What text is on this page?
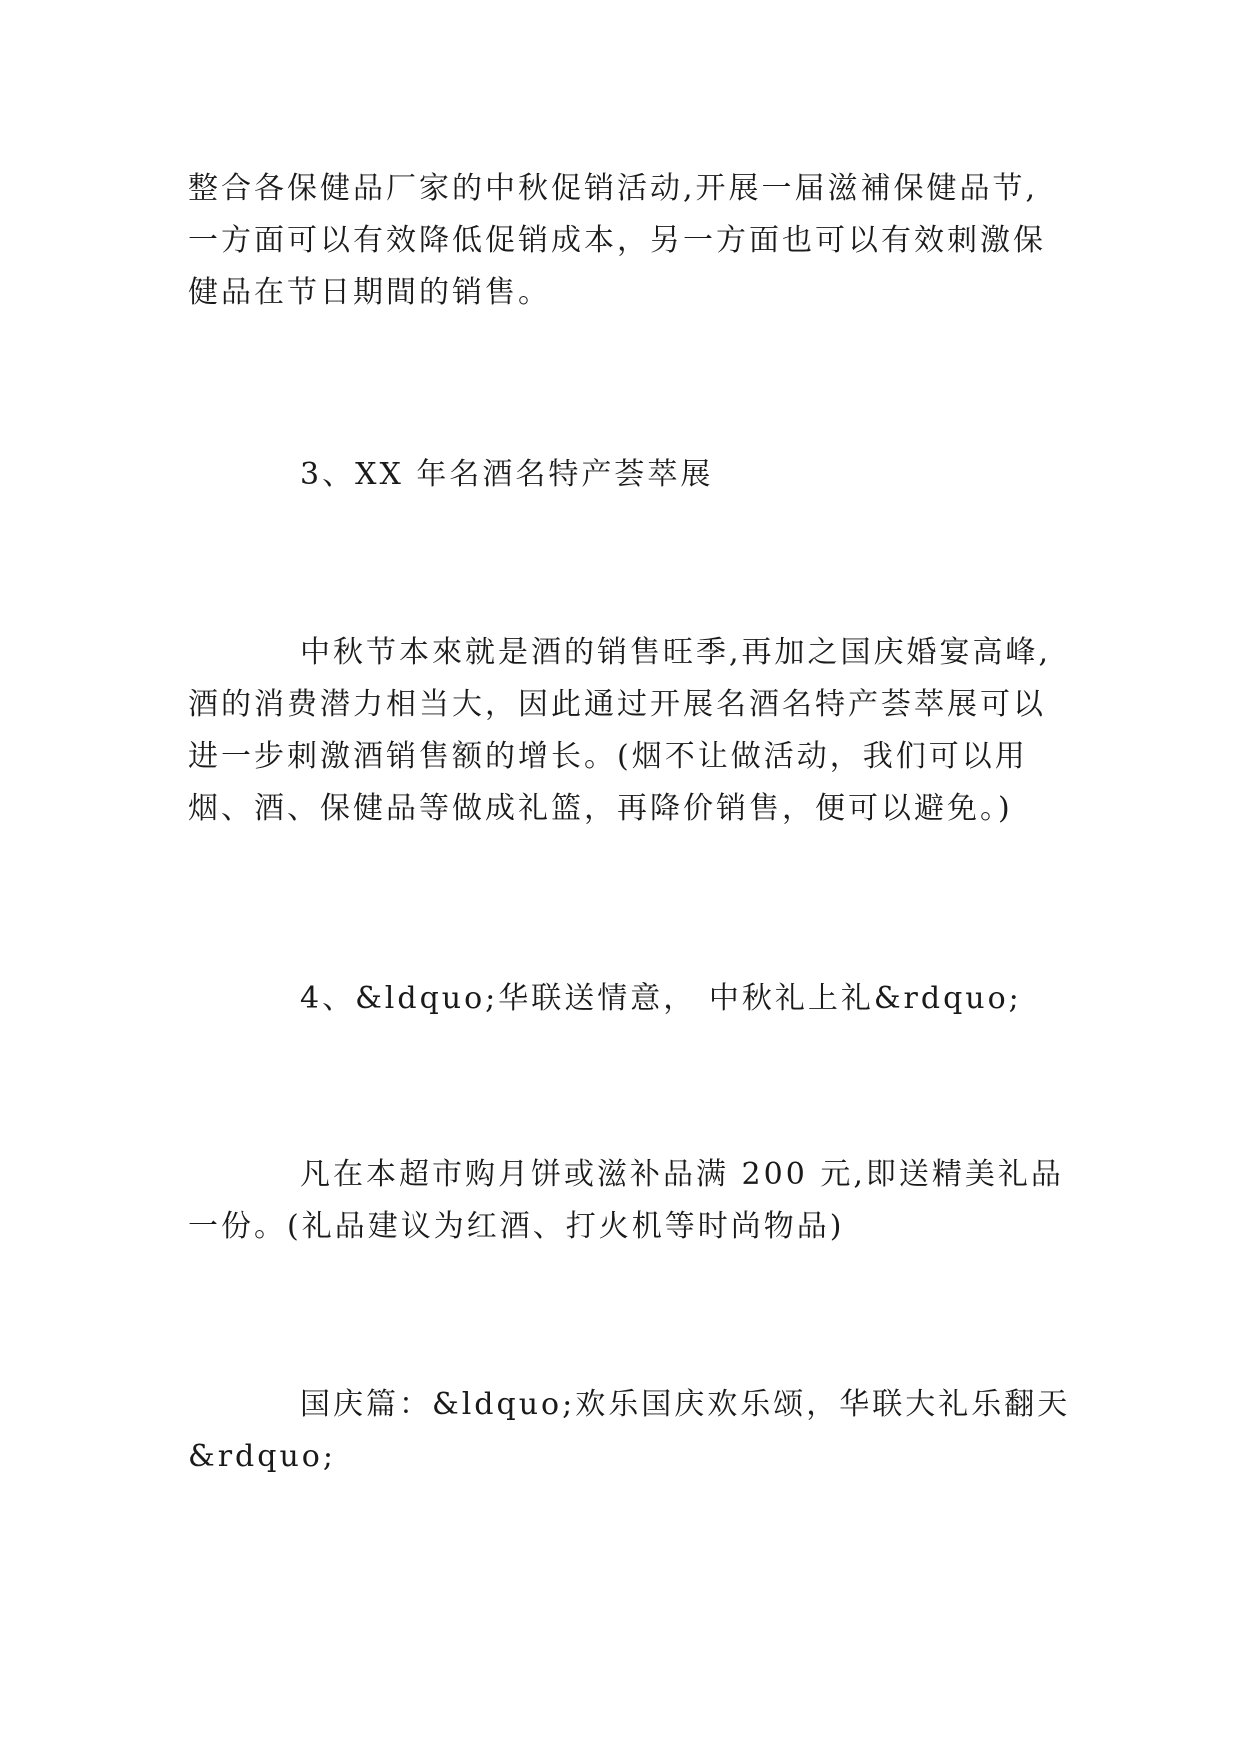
整合各保健品厂家的中秋促销活动,开展一届滋補保健品节,
一方面可以有效降低促销成本，另一方面也可以有效刺激保
健品在节日期間的销售。

3、XX 年名酒名特产荟萃展

中秋节本來就是酒的销售旺季,再加之国庆婚宴高峰,
酒的消费潜力相当大，因此通过开展名酒名特产荟萃展可以
进一步刺激酒销售额的增长。(烟不让做活动，我们可以用
烟、酒、保健品等做成礼篮，再降价销售，便可以避免。)

4、&ldquo;华联送情意， 中秋礼上礼&rdquo;

凡在本超市购月饼或滋补品满 200 元,即送精美礼品
一份。(礼品建议为红酒、打火机等时尚物品)

国庆篇：&ldquo;欢乐国庆欢乐颂，华联大礼乐翻天
&rdquo;
